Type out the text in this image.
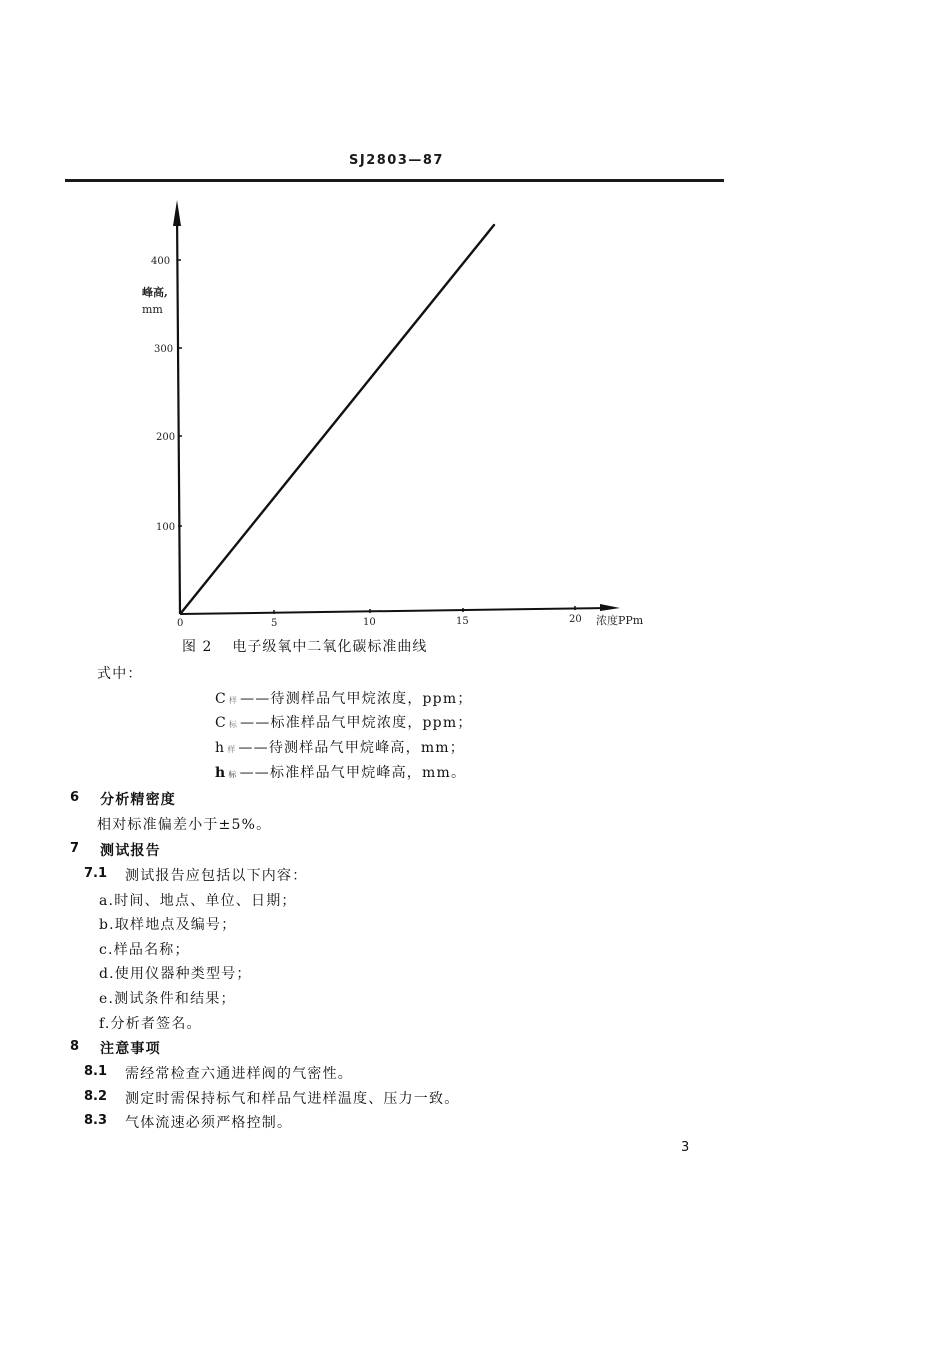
SJ2803—87
100
200
300
400
峰高,
mm
0	5	10	15	20 浓度PPm
图 2 电子级氧中二氧化碳标准曲线
式中：
C样 ——待测样品气甲烷浓度，ppm；
C标 ——标准样品气甲烷浓度，ppm；
h样 ——待测样品气甲烷峰高，mm；
h标 ——标准样品气甲烷峰高，mm。
6 分析精密度
相对标准偏差小于±5%。
7 测试报告
7.1 测试报告应包括以下内容：
a.时间、地点、单位、日期；
b.取样地点及编号；
c.样品名称；
d.使用仪器种类型号；
e.测试条件和结果；
f.分析者签名。
8 注意事项
8.1 需经常检查六通进样阀的气密性。
8.2 测定时需保持标气和样品气进样温度、压力一致。
8.3 气体流速必须严格控制。
3
